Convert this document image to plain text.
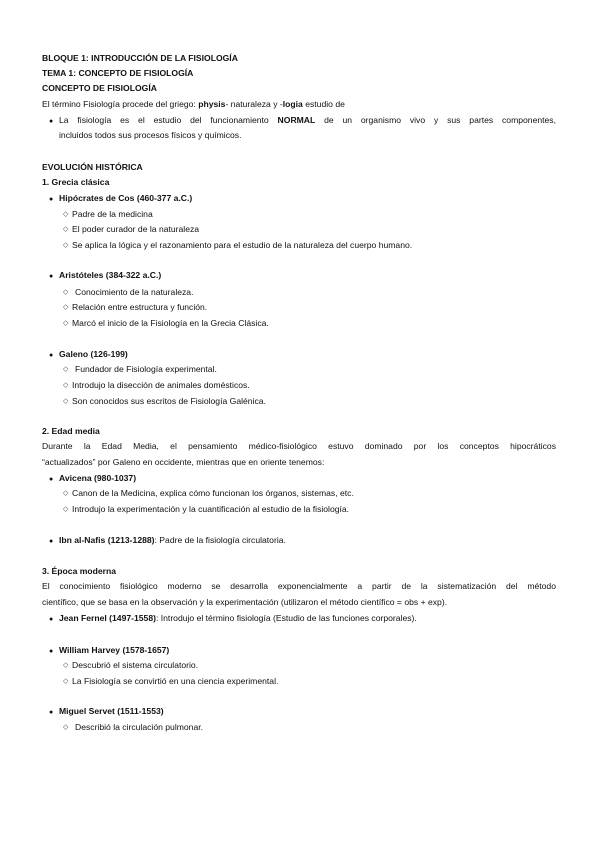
BLOQUE 1: INTRODUCCIÓN DE LA FISIOLOGÍA
TEMA 1: CONCEPTO DE FISIOLOGÍA
CONCEPTO DE FISIOLOGÍA
El término Fisiología procede del griego: physis- naturaleza y -logia estudio de
● La fisiología es el estudio del funcionamiento NORMAL de un organismo vivo y sus partes componentes,
incluidos todos sus procesos físicos y químicos.
EVOLUCIÓN HISTÓRICA
1. Grecia clásica
● Hipócrates de Cos (460-377 a.C.)
◇ Padre de la medicina
◇ El poder curador de la naturaleza
◇ Se aplica la lógica y el razonamiento para el estudio de la naturaleza del cuerpo humano.
● Aristóteles (384-322 a.C.)
◇ Conocimiento de la naturaleza.
◇ Relación entre estructura y función.
◇ Marcó el inicio de la Fisiología en la Grecia Clásica.
● Galeno (126-199)
◇ Fundador de Fisiología experimental.
◇ Introdujo la disección de animales domésticos.
◇ Son conocidos sus escritos de Fisiología Galénica.
2. Edad media
Durante la Edad Media, el pensamiento médico-fisiológico estuvo dominado por los conceptos hipocráticos
“actualizados” por Galeno en occidente, mientras que en oriente tenemos:
● Avicena (980-1037)
◇ Canon de la Medicina, explica cómo funcionan los órganos, sistemas, etc.
◇ Introdujo la experimentación y la cuantificación al estudio de la fisiología.
● Ibn al-Nafis (1213-1288): Padre de la fisiología circulatoria.
3. Época moderna
El conocimiento fisiológico moderno se desarrolla exponencialmente a partir de la sistematización del método
científico, que se basa en la observación y la experimentación (utilizaron el método científico = obs + exp).
● Jean Fernel (1497-1558): Introdujo el término fisiología (Estudio de las funciones corporales).
● William Harvey (1578-1657)
◇ Descubrió el sistema circulatorio.
◇ La Fisiología se convirtió en una ciencia experimental.
● Miguel Servet (1511-1553)
◇ Describió la circulación pulmonar.
